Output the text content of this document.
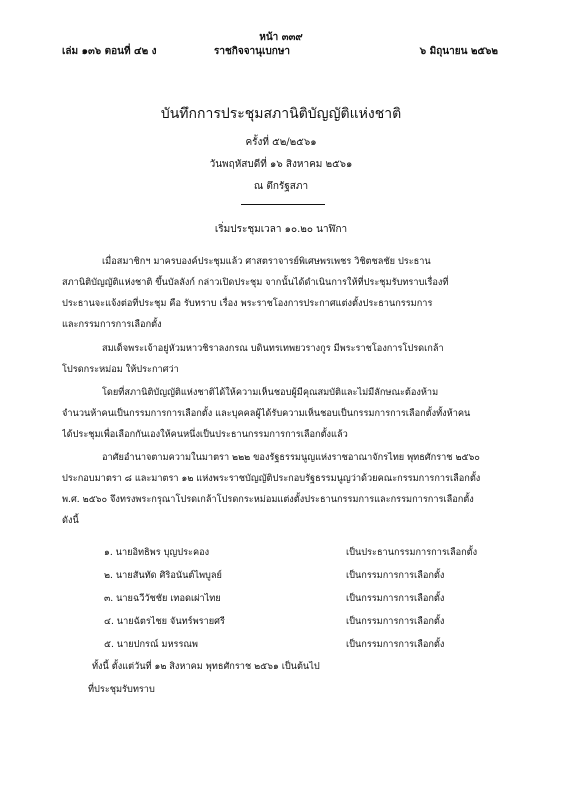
หน้า ๓๓๙
เล่ม ๑๓๖ ตอนที่ ๔๒ ง	ราชกิจจานุเบกษา	๖ มิถุนายน ๒๕๖๒
บันทึกการประชุมสภานิติบัญญัติแห่งชาติ
ครั้งที่ ๕๒/๒๕๖๑
วันพฤหัสบดีที่ ๑๖ สิงหาคม ๒๕๖๑
ณ ตึกรัฐสภา
เริ่มประชุมเวลา ๑๐.๒๐ นาฬิกา
เมื่อสมาชิกฯ มาครบองค์ประชุมแล้ว ศาสตราจารย์พิเศษพรเพชร วิชิตชลชัย ประธาน
สภานิติบัญญัติแห่งชาติ ขึ้นบัลลังก์ กล่าวเปิดประชุม จากนั้นได้ดำเนินการให้ที่ประชุมรับทราบเรื่องที่
ประธานจะแจ้งต่อที่ประชุม คือ รับทราบ เรื่อง พระราชโองการประกาศแต่งตั้งประธานกรรมการ
และกรรมการการเลือกตั้ง
สมเด็จพระเจ้าอยู่หัวมหาวชิราลงกรณ บดินทรเทพยวรางกูร มีพระราชโองการโปรดเกล้า
โปรดกระหม่อม ให้ประกาศว่า
โดยที่สภานิติบัญญัติแห่งชาติได้ให้ความเห็นชอบผู้มีคุณสมบัติและไม่มีลักษณะต้องห้าม
จำนวนห้าคนเป็นกรรมการการเลือกตั้ง และบุคคลผู้ได้รับความเห็นชอบเป็นกรรมการการเลือกตั้งทั้งห้าคน
ได้ประชุมเพื่อเลือกกันเองให้คนหนึ่งเป็นประธานกรรมการการเลือกตั้งแล้ว
อาศัยอำนาจตามความในมาตรา ๒๒๒ ของรัฐธรรมนูญแห่งราชอาณาจักรไทย พุทธศักราช ๒๕๖๐
ประกอบมาตรา ๘ และมาตรา ๑๒ แห่งพระราชบัญญัติประกอบรัฐธรรมนูญว่าด้วยคณะกรรมการการเลือกตั้ง
พ.ศ. ๒๕๖๐ จึงทรงพระกรุณาโปรดเกล้าโปรดกระหม่อมแต่งตั้งประธานกรรมการและกรรมการการเลือกตั้ง
ดังนี้
๑. นายอิทธิพร บุญประคอง	เป็นประธานกรรมการการเลือกตั้ง
๒. นายสันทัด ศิริอนันต์ไพบูลย์	เป็นกรรมการการเลือกตั้ง
๓. นายฉวีวัชชัย เทอดเผ่าไทย	เป็นกรรมการการเลือกตั้ง
๔. นายฉัตรไชย จันทร์พรายศรี	เป็นกรรมการการเลือกตั้ง
๕. นายปกรณ์ มหรรณพ	เป็นกรรมการการเลือกตั้ง
ทั้งนี้ ตั้งแต่วันที่ ๑๒ สิงหาคม พุทธศักราช ๒๕๖๑ เป็นต้นไป
ที่ประชุมรับทราบ
